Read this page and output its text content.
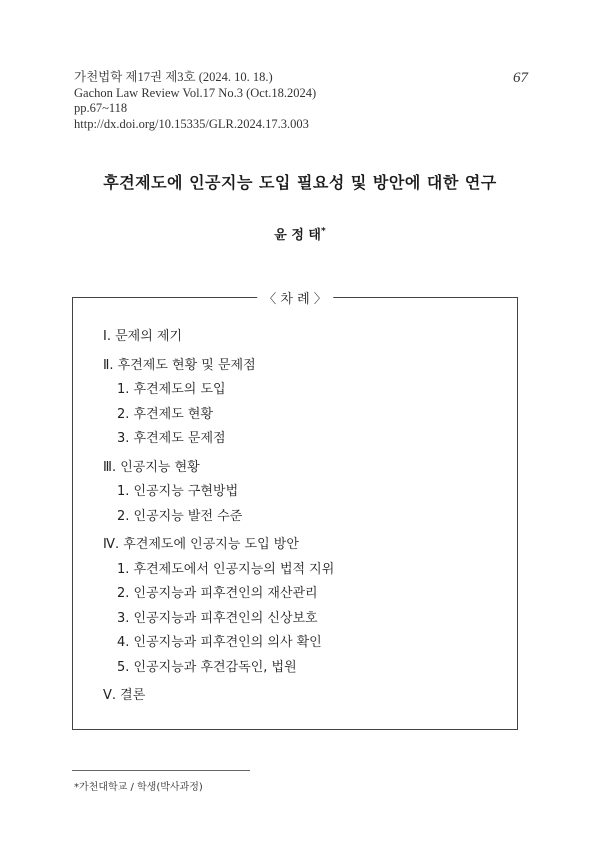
가천법학 제17권 제3호 (2024. 10. 18.)
Gachon Law Review Vol.17 No.3 (Oct.18.2024)
pp.67~118
http://dx.doi.org/10.15335/GLR.2024.17.3.003
67
후견제도에 인공지능 도입 필요성 및 방안에 대한 연구
윤 정 태*
〈 차 례 〉
Ⅰ. 문제의 제기
Ⅱ. 후견제도 현황 및 문제점
1. 후견제도의 도입
2. 후견제도 현황
3. 후견제도 문제점
Ⅲ. 인공지능 현황
1. 인공지능 구현방법
2. 인공지능 발전 수준
Ⅳ. 후견제도에 인공지능 도입 방안
1. 후견제도에서 인공지능의 법적 지위
2. 인공지능과 피후견인의 재산관리
3. 인공지능과 피후견인의 신상보호
4. 인공지능과 피후견인의 의사 확인
5. 인공지능과 후견감독인, 법원
Ⅴ. 결론
*가천대학교 / 학생(박사과정)
